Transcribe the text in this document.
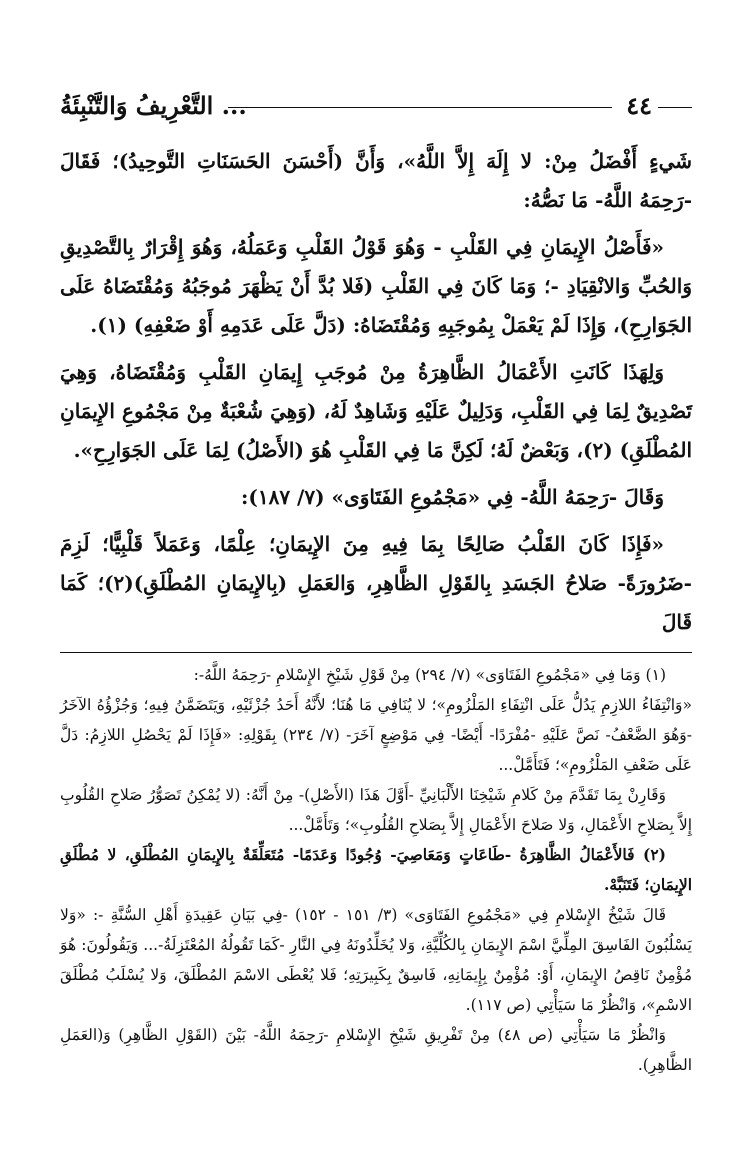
التَّعْرِيفُ وَالتَّنْبِئَةُ ...	٤٤

شَيءٍ أَفْضَلُ مِنْ: لا إِلَهَ إِلاَّ اللَّهُ»، وَأَنَّ (أَحْسَنَ الحَسَنَاتِ التَّوحِيدُ)؛ فَقَالَ -رَحِمَهُ اللَّهُ- مَا نَصُّهُ:

«فَأَصْلُ الإِيمَانِ فِي القَلْبِ - وَهُوَ قَوْلُ القَلْبِ وَعَمَلُهُ، وَهُوَ إِقْرَارٌ بِالتَّصْدِيقِ وَالحُبِّ وَالانْقِيَادِ -؛ وَمَا كَانَ فِي القَلْبِ (فَلا بُدَّ أَنْ يَظْهَرَ مُوجَبُهُ وَمُقْتَضَاهُ عَلَى الجَوَارِحِ)، وَإِذَا لَمْ يَعْمَلْ بِمُوجَبِهِ وَمُقْتَضَاهُ: (دَلَّ عَلَى عَدَمِهِ أَوْ ضَعْفِهِ) (١).

وَلِهَذَا كَانَتِ الأَعْمَالُ الظَّاهِرَةُ مِنْ مُوجَبِ إِيمَانِ القَلْبِ وَمُقْتَضَاهُ، وَهِيَ تَصْدِيقٌ لِمَا فِي القَلْبِ، وَدَلِيلٌ عَلَيْهِ وَشَاهِدٌ لَهُ، (وَهِيَ شُعْبَةٌ مِنْ مَجْمُوعِ الإِيمَانِ المُطْلَقِ) (٢)، وَبَعْضٌ لَهُ؛ لَكِنَّ مَا فِي القَلْبِ هُوَ (الأَصْلُ) لِمَا عَلَى الجَوَارِحِ».

وَقَالَ -رَحِمَهُ اللَّهُ- فِي «مَجْمُوعِ الفَتَاوَى» (٧/ ١٨٧):

«فَإِذَا كَانَ القَلْبُ صَالِحًا بِمَا فِيهِ مِنَ الإِيمَانِ؛ عِلْمًا، وَعَمَلاً قَلْبِيًّا؛ لَزِمَ -ضَرُورَةً- صَلاحُ الجَسَدِ بِالقَوْلِ الظَّاهِرِ، وَالعَمَلِ (بِالإِيمَانِ المُطْلَقِ)(٢)؛ كَمَا قَالَ

(١) وَمَا فِي «مَجْمُوعِ الفَتَاوَى» (٧/ ٢٩٤) مِنْ قَوْلِ شَيْخِ الإِسْلامِ -رَحِمَهُ اللَّهُ-:

«وَانْتِفَاءُ اللازِمِ يَدُلُّ عَلَى انْتِفَاءِ المَلْزُومِ»؛ لا يُنَافِي مَا هُنَا؛ لأَنَّهُ أَحَدُ جُزْئَيْهِ، وَيَتَضَمَّنُ فِيهِ؛ وَجُزْؤُهُ الآخَرُ -وَهُوَ الضَّعْفُ- نَصَّ عَلَيْهِ -مُفْرَدًا- أَيْضًا- فِي مَوْضِعٍ آخَرَ- (٧/ ٢٣٤) بِقَوْلِهِ: «فَإِذَا لَمْ يَحْصُلِ اللازِمُ: دَلَّ عَلَى ضَعْفِ المَلْزُومِ»؛ فَتَأَمَّلْ...

وَقَارِنْ بِمَا تَقَدَّمَ مِنْ كَلامِ شَيْخِنَا الأَلْبَانِيِّ -أَوَّلَ هَذَا (الأَصْلِ)- مِنْ أَنَّهُ: (لا يُمْكِنُ تَصَوُّرُ صَلاحِ القُلُوبِ إِلاَّ بِصَلاحِ الأَعْمَالِ، وَلا صَلاحَ الأَعْمَالِ إِلاَّ بِصَلاحِ القُلُوبِ»؛ وَتَأَمَّلْ...

(٢) فَالأَعْمَالُ الظَّاهِرَةُ -طَاعَاتٍ وَمَعَاصِيَ- وُجُودًا وَعَدَمًا- مُتَعَلِّقَةٌ بِالإِيمَانِ المُطْلَقِ، لا مُطْلَقِ الإِيمَانِ؛ فَتَنَبَّهْ.

قَالَ شَيْخُ الإِسْلامِ فِي «مَجْمُوعِ الفَتَاوَى» (٣/ ١٥١ - ١٥٢) -فِي بَيَانِ عَقِيدَةِ أَهْلِ السُّنَّةِ -: «وَلا يَسْلُبُونَ الفَاسِقَ المِلِّيَّ اسْمَ الإِيمَانِ بِالكُلِّيَّةِ، وَلا يُخَلِّدُونَهُ فِي النَّارِ -كَمَا تَقُولُهُ المُعْتَزِلَةُ-... وَيَقُولُونَ: هُوَ مُؤْمِنٌ نَاقِصُ الإِيمَانِ، أَوْ: مُؤْمِنٌ بِإِيمَانِهِ، فَاسِقٌ بِكَبِيرَتِهِ؛ فَلا يُعْطَى الاسْمَ المُطْلَقَ، وَلا يُسْلَبُ مُطْلَقَ الاسْمِ»، وَانْظُرْ مَا سَيَأْتِي (ص ١١٧).

وَانْظُرْ مَا سَيَأْتِي (ص ٤٨) مِنْ تَفْرِيقِ شَيْخِ الإِسْلامِ -رَحِمَهُ اللَّهُ- بَيْنَ (القَوْلِ الظَّاهِرِ) وَ(العَمَلِ الظَّاهِرِ).
